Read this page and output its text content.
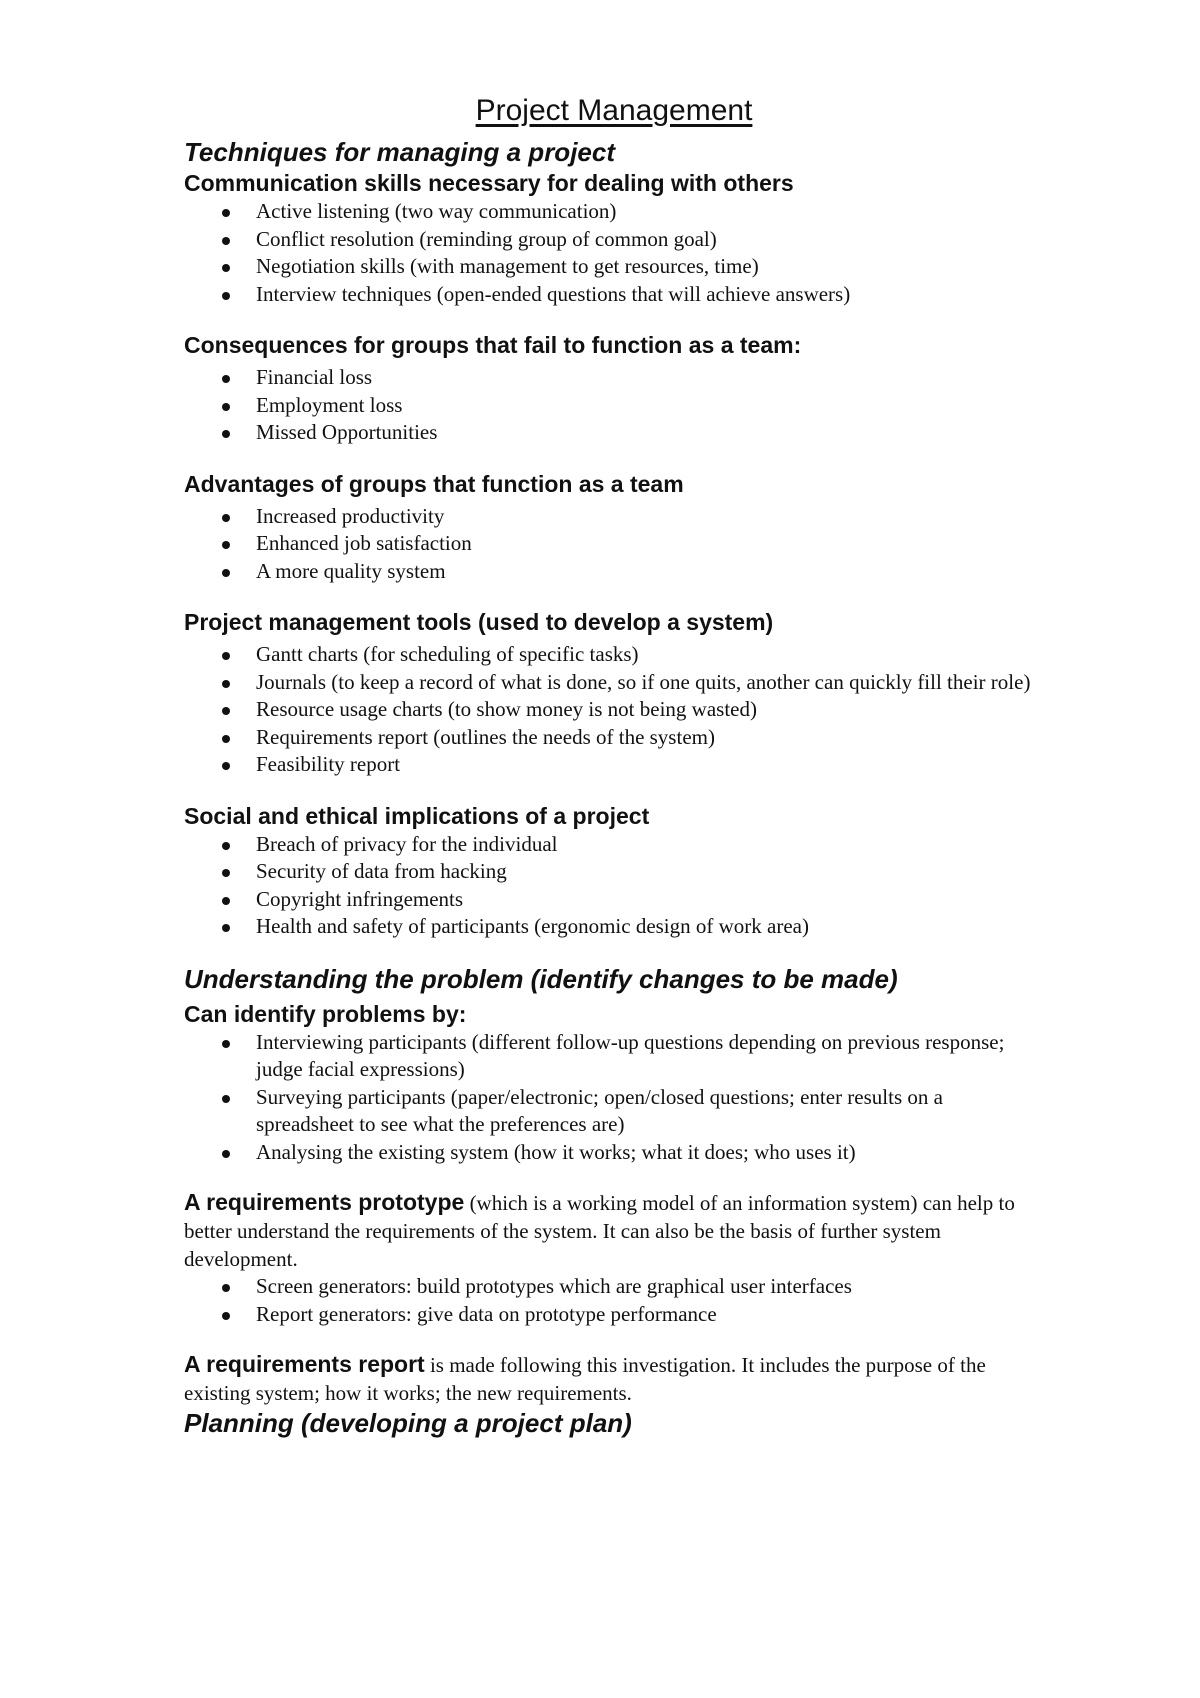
Project Management
Techniques for managing a project
Communication skills necessary for dealing with others
Active listening (two way communication)
Conflict resolution (reminding group of common goal)
Negotiation skills (with management to get resources, time)
Interview techniques (open-ended questions that will achieve answers)
Consequences for groups that fail to function as a team:
Financial loss
Employment loss
Missed Opportunities
Advantages of groups that function as a team
Increased productivity
Enhanced job satisfaction
A more quality system
Project management tools (used to develop a system)
Gantt charts (for scheduling of specific tasks)
Journals (to keep a record of what is done, so if one quits, another can quickly fill their role)
Resource usage charts (to show money is not being wasted)
Requirements report (outlines the needs of the system)
Feasibility report
Social and ethical implications of a project
Breach of privacy for the individual
Security of data from hacking
Copyright infringements
Health and safety of participants (ergonomic design of work area)
Understanding the problem (identify changes to be made)
Can identify problems by:
Interviewing participants (different follow-up questions depending on previous response; judge facial expressions)
Surveying participants (paper/electronic; open/closed questions; enter results on a spreadsheet to see what the preferences are)
Analysing the existing system (how it works; what it does; who uses it)

A requirements prototype (which is a working model of an information system) can help to better understand the requirements of the system. It can also be the basis of further system development.

Screen generators: build prototypes which are graphical user interfaces
Report generators: give data on prototype performance

A requirements report is made following this investigation. It includes the purpose of the existing system; how it works; the new requirements.

Planning (developing a project plan)
